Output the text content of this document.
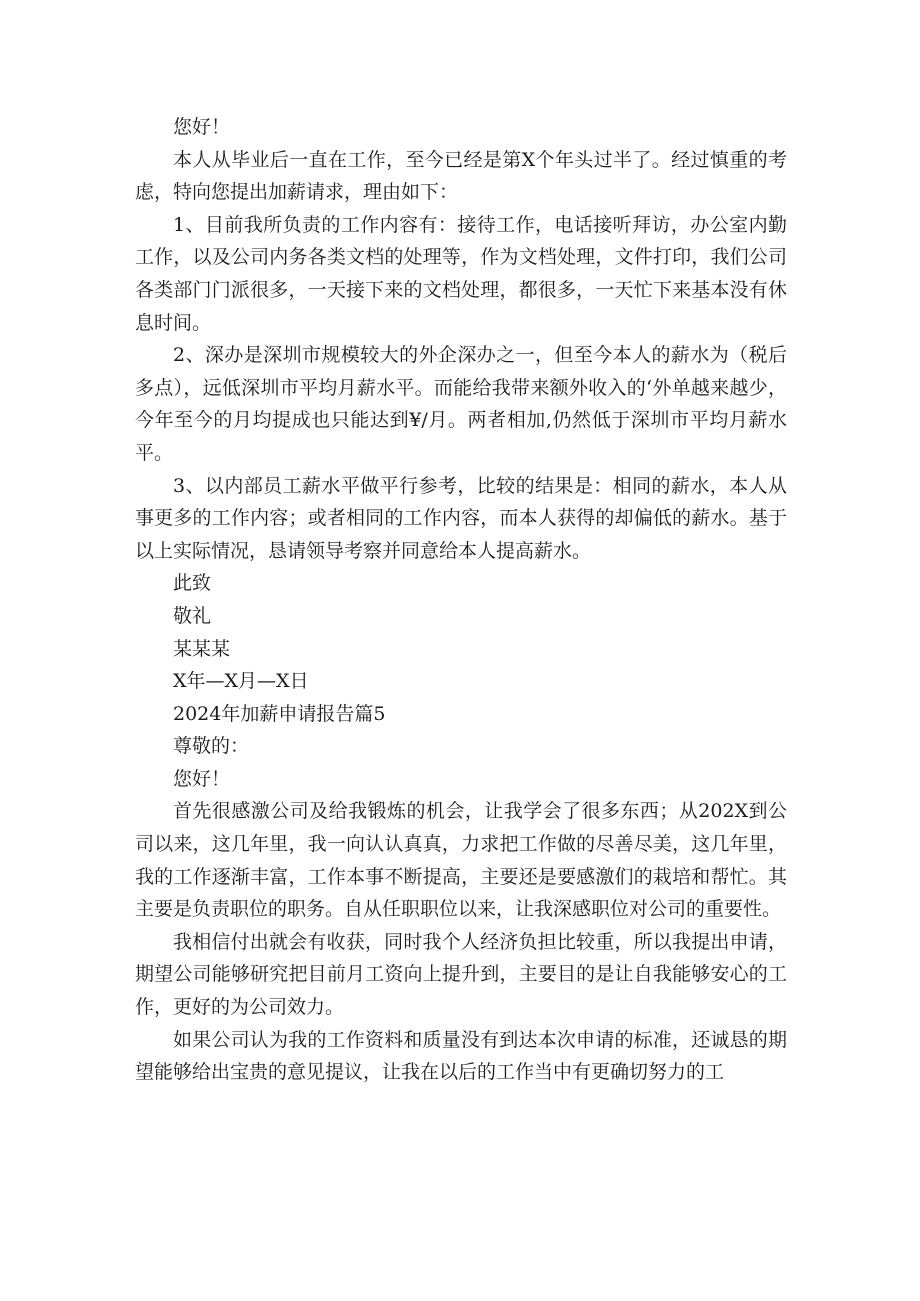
您好！

本人从毕业后一直在工作，至今已经是第X个年头过半了。经过慎重的考虑，特向您提出加薪请求，理由如下：

1、目前我所负责的工作内容有：接待工作，电话接听拜访，办公室内勤工作，以及公司内务各类文档的处理等，作为文档处理，文件打印，我们公司各类部门门派很多，一天接下来的文档处理，都很多，一天忙下来基本没有休息时间。

2、深办是深圳市规模较大的外企深办之一，但至今本人的薪水为（税后多点），远低深圳市平均月薪水平。而能给我带来额外收入的‘外单越来越少，今年至今的月均提成也只能达到¥/月。两者相加,仍然低于深圳市平均月薪水平。

3、以内部员工薪水平做平行参考，比较的结果是：相同的薪水，本人从事更多的工作内容；或者相同的工作内容，而本人获得的却偏低的薪水。基于以上实际情况，恳请领导考察并同意给本人提高薪水。

此致

敬礼

某某某

X年—X月—X日

2024年加薪申请报告篇5

尊敬的：

您好！

首先很感激公司及给我锻炼的机会，让我学会了很多东西；从202X到公司以来，这几年里，我一向认认真真，力求把工作做的尽善尽美，这几年里，我的工作逐渐丰富，工作本事不断提高，主要还是要感激们的栽培和帮忙。其主要是负责职位的职务。自从任职职位以来，让我深感职位对公司的重要性。

我相信付出就会有收获，同时我个人经济负担比较重，所以我提出申请，期望公司能够研究把目前月工资向上提升到，主要目的是让自我能够安心的工作，更好的为公司效力。

如果公司认为我的工作资料和质量没有到达本次申请的标准，还诚恳的期望能够给出宝贵的意见提议，让我在以后的工作当中有更确切努力的工
